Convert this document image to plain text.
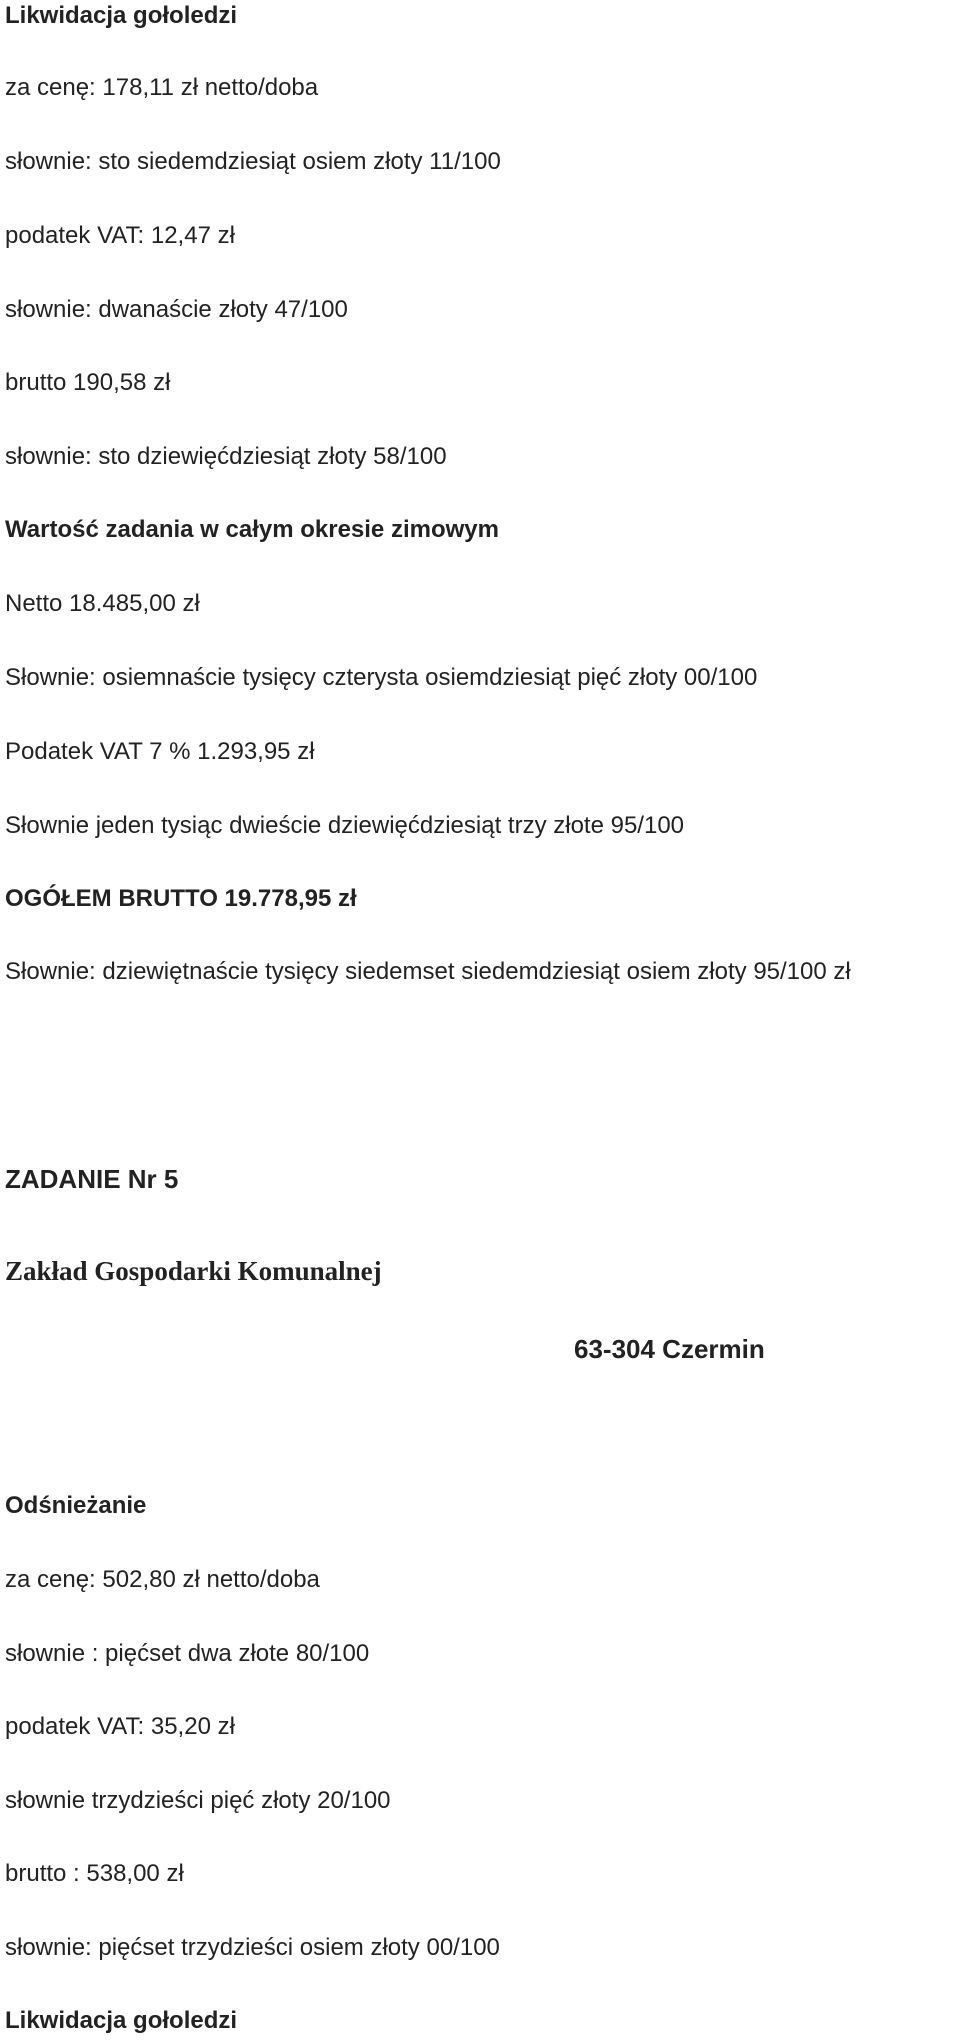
Likwidacja gołoledzi
za cenę: 178,11 zł netto/doba
słownie: sto siedemdziesiąt osiem złoty 11/100
podatek VAT: 12,47 zł
słownie: dwanaście złoty 47/100
brutto 190,58 zł
słownie: sto dziewięćdziesiąt złoty 58/100
Wartość zadania w całym okresie zimowym
Netto 18.485,00 zł
Słownie: osiemnaście tysięcy czterysta osiemdziesiąt pięć złoty 00/100
Podatek VAT 7 % 1.293,95 zł
Słownie jeden tysiąc dwieście dziewięćdziesiąt trzy złote 95/100
OGÓŁEM BRUTTO 19.778,95 zł
Słownie: dziewiętnaście tysięcy siedemset siedemdziesiąt osiem złoty 95/100 zł
ZADANIE Nr 5
Zakład Gospodarki Komunalnej
63-304 Czermin
Odśnieżanie
za cenę: 502,80 zł netto/doba
słownie : pięćset dwa złote 80/100
podatek VAT: 35,20 zł
słownie trzydzieści pięć złoty 20/100
brutto : 538,00 zł
słownie: pięćset trzydzieści osiem złoty 00/100
Likwidacja gołoledzi
